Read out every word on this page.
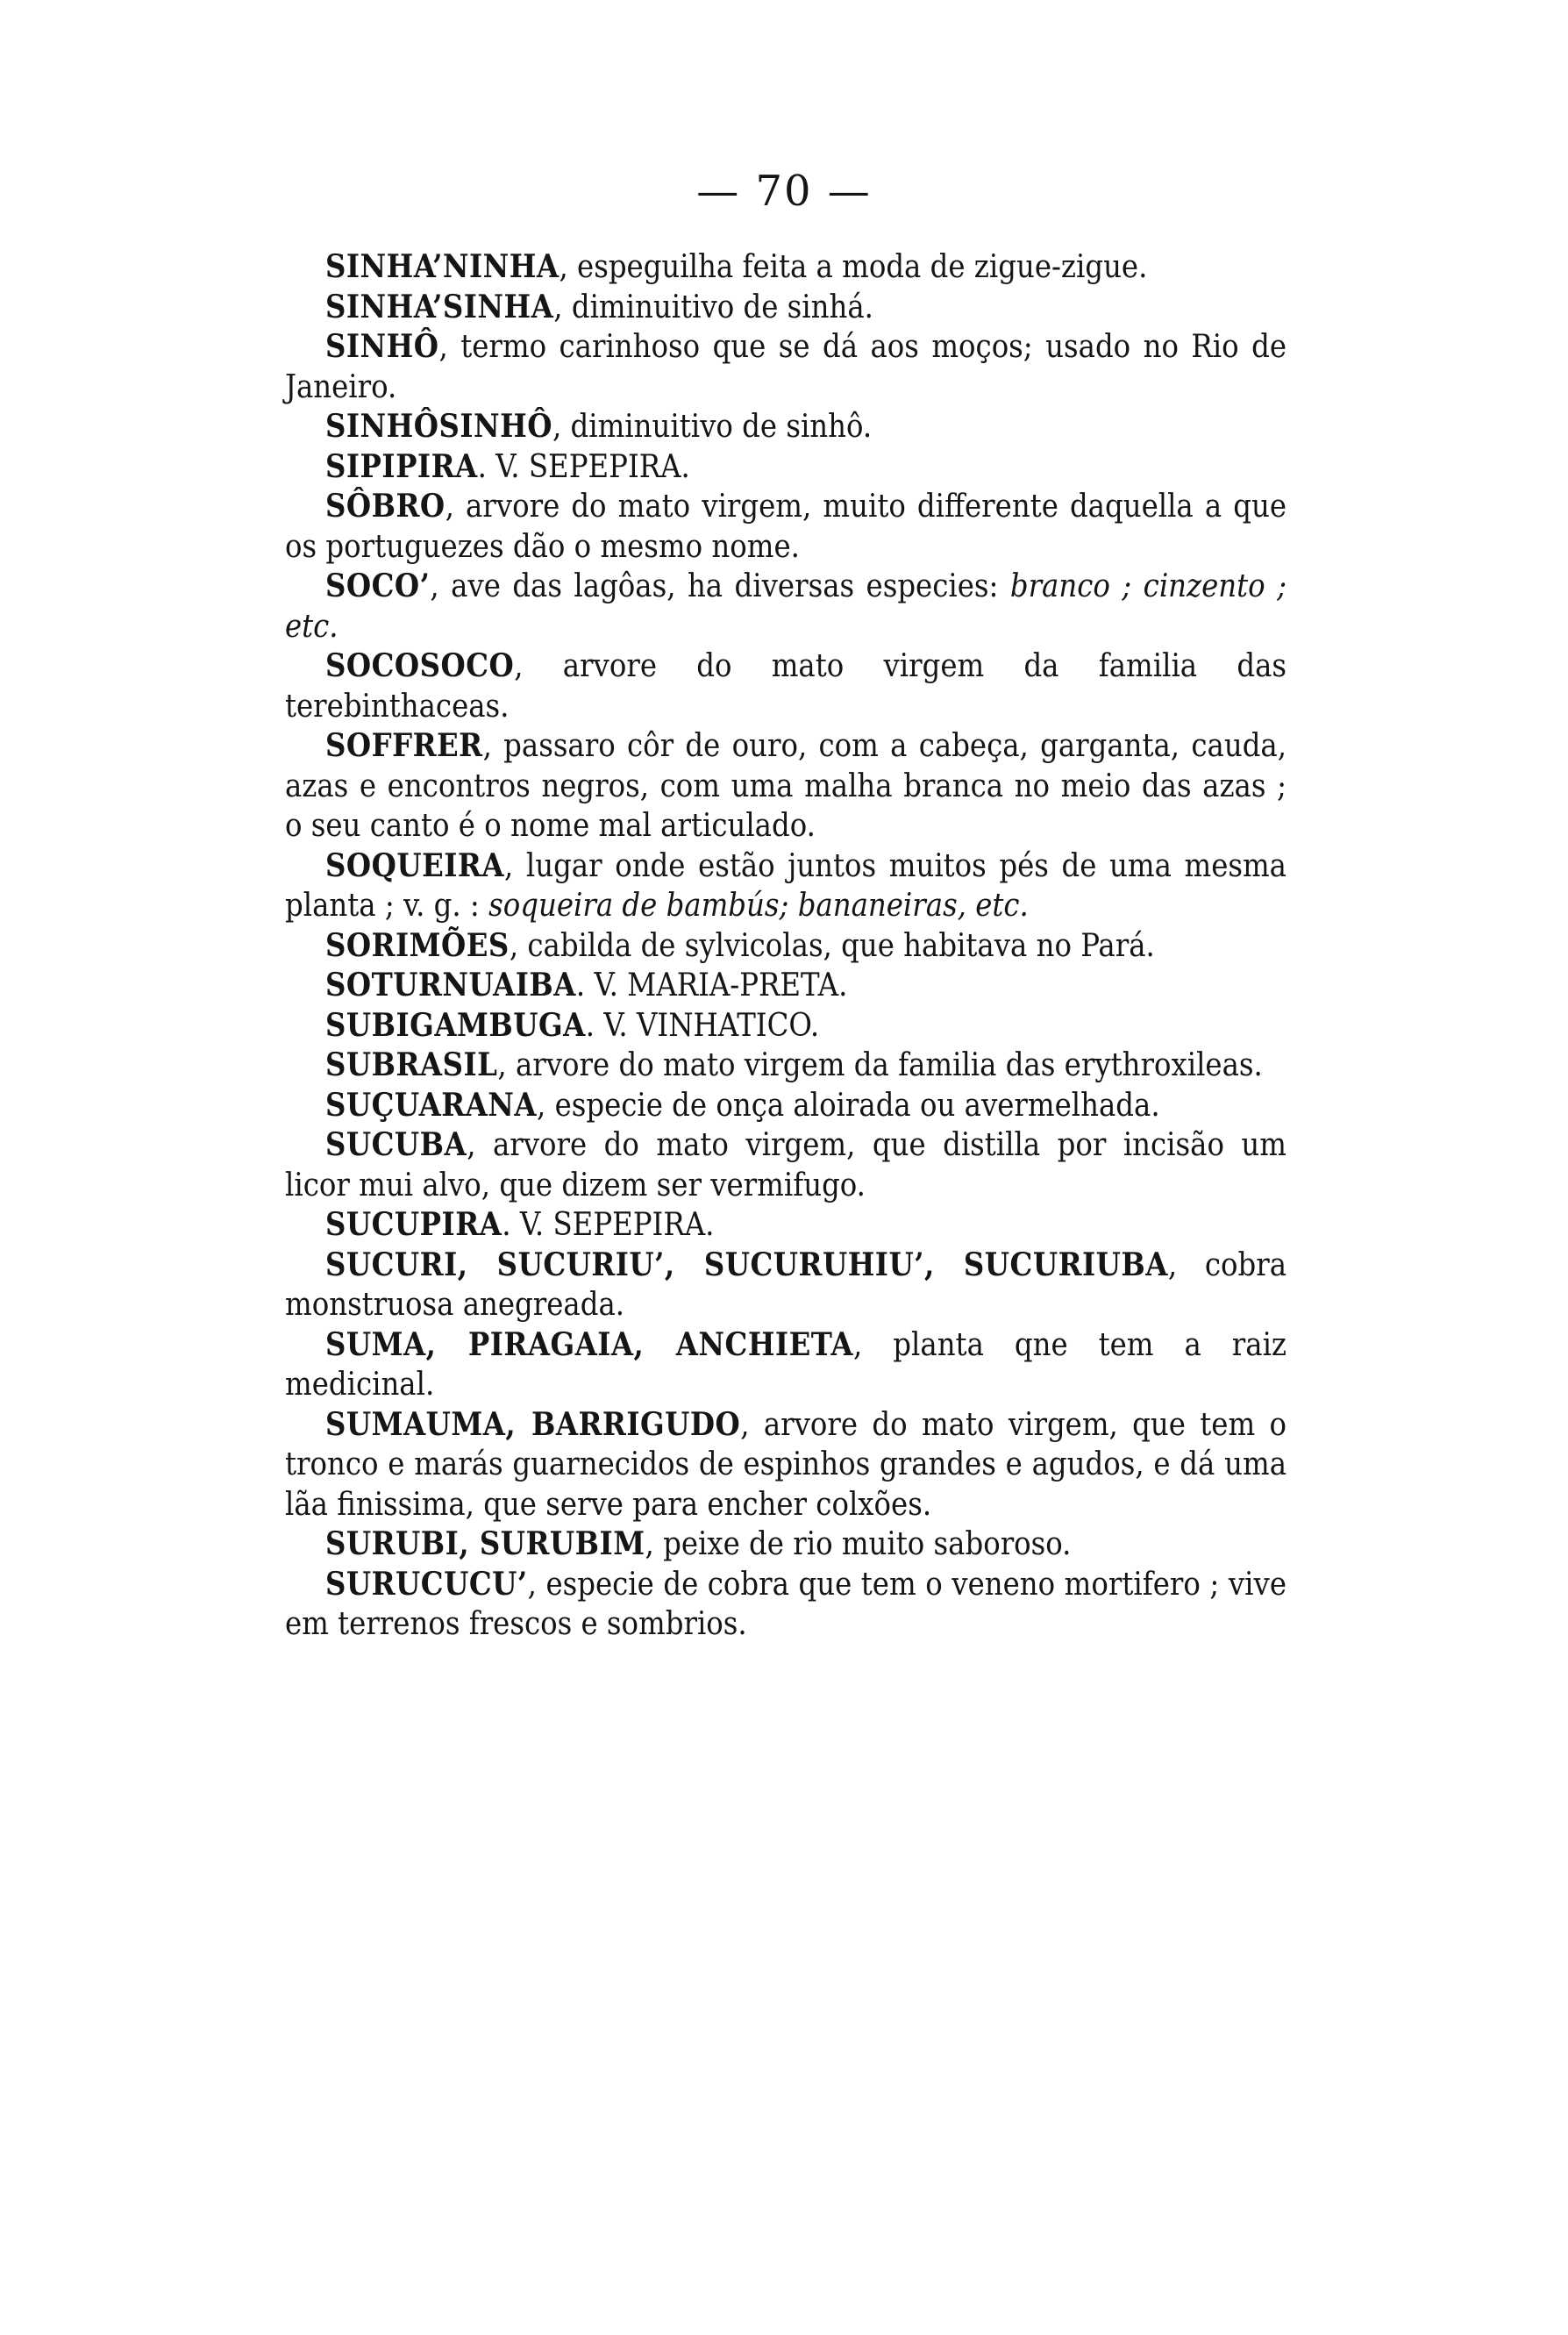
— 70 —

SINHA’NINHA, espeguilha feita a moda de zigue-zigue.

SINHA’SINHA, diminuitivo de sinhá.

SINHÔ, termo carinhoso que se dá aos moços; usado no Rio de Janeiro.

SINHÔSINHÔ, diminuitivo de sinhô.

SIPIPIRA. V. SEPEPIRA.

SÔBRO, arvore do mato virgem, muito differente daquella a que os portuguezes dão o mesmo nome.

SOCO’, ave das lagôas, ha diversas especies: branco ; cinzento ; etc.

SOCOSOCO, arvore do mato virgem da familia das terebinthaceas.

SOFFRER, passaro côr de ouro, com a cabeça, garganta, cauda, azas e encontros negros, com uma malha branca no meio das azas ; o seu canto é o nome mal articulado.

SOQUEIRA, lugar onde estão juntos muitos pés de uma mesma planta ; v. g. : soqueira de bambús; bananeiras, etc.

SORIMÕES, cabilda de sylvicolas, que habitava no Pará.

SOTURNUAIBA. V. MARIA-PRETA.

SUBIGAMBUGA. V. VINHATICO.

SUBRASIL, arvore do mato virgem da familia das erythroxileas.

SUÇUARANA, especie de onça aloirada ou avermelhada.

SUCUBA, arvore do mato virgem, que distilla por incisão um licor mui alvo, que dizem ser vermifugo.

SUCUPIRA. V. SEPEPIRA.

SUCURI, SUCURIU’, SUCURUHIU’, SUCURIUBA, cobra monstruosa anegreada.

SUMA, PIRAGAIA, ANCHIETA, planta qne tem a raiz medicinal.

SUMAUMA, BARRIGUDO, arvore do mato virgem, que tem o tronco e marás guarnecidos de espinhos grandes e agudos, e dá uma lãa finissima, que serve para encher colxões.

SURUBI, SURUBIM, peixe de rio muito saboroso.

SURUCUCU’, especie de cobra que tem o veneno mortifero ; vive em terrenos frescos e sombrios.
